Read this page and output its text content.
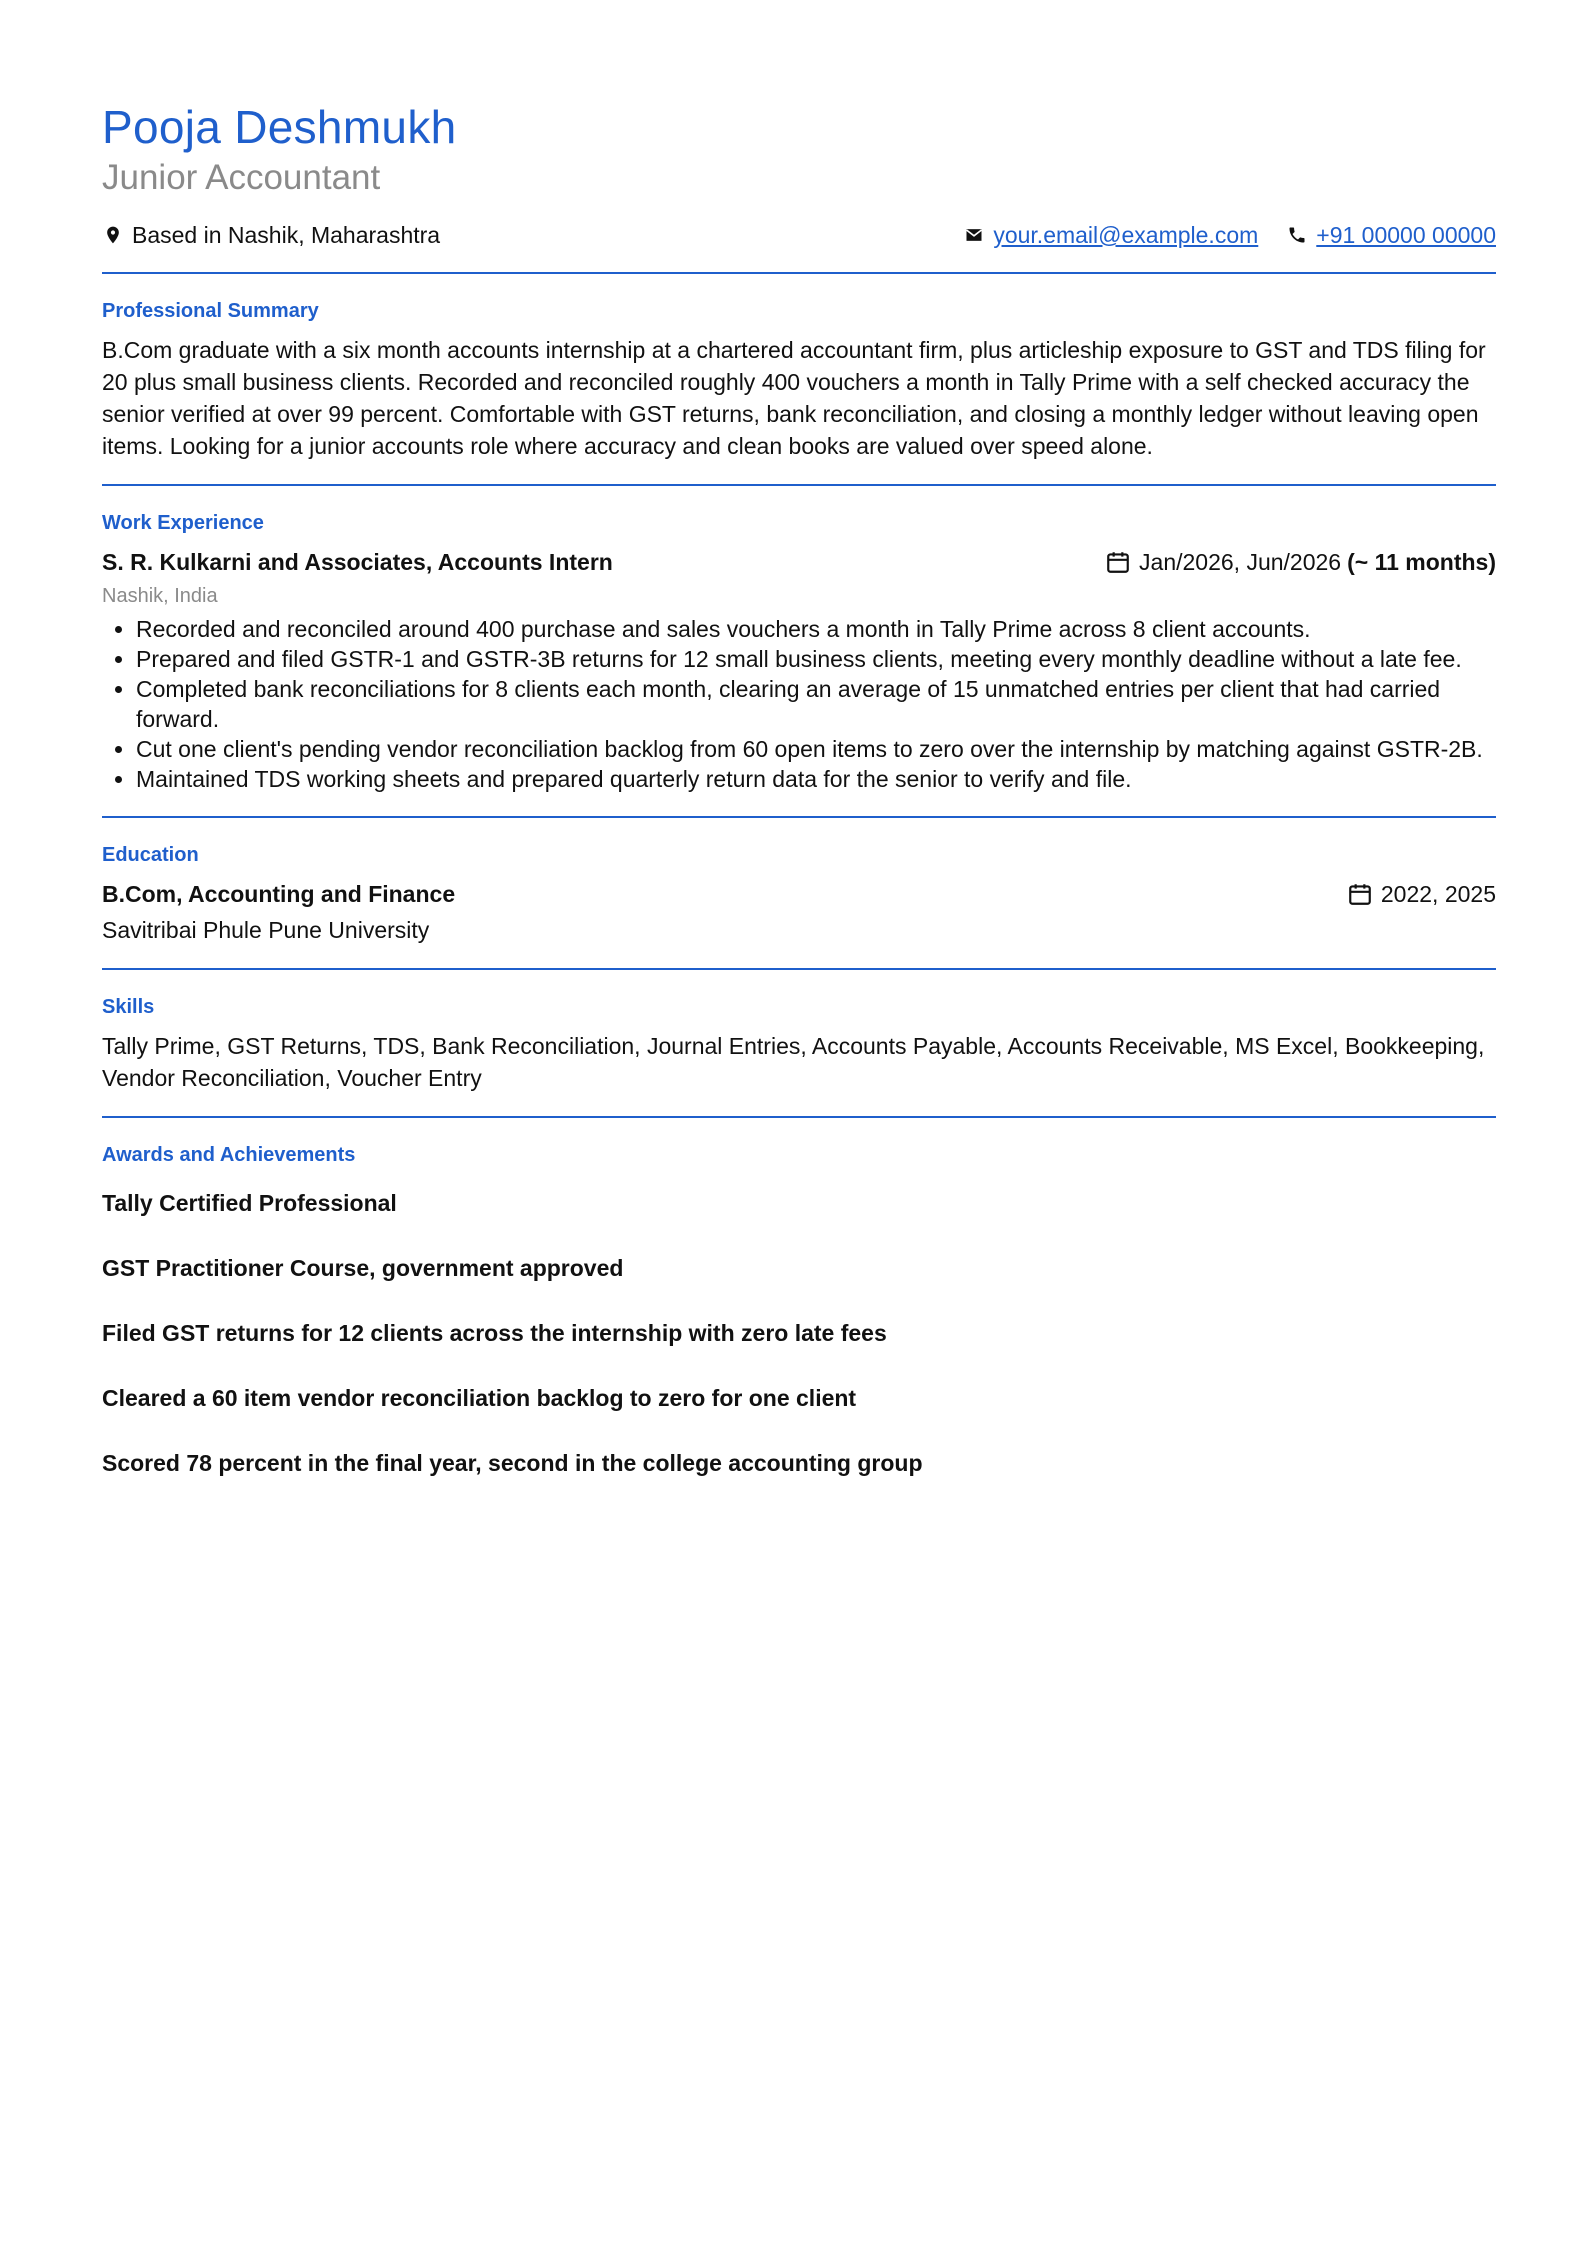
Pooja Deshmukh
Junior Accountant
Based in Nashik, Maharashtra	your.email@example.com	+91 00000 00000
Professional Summary

B.Com graduate with a six month accounts internship at a chartered accountant firm, plus articleship exposure to GST and TDS filing for 20 plus small business clients. Recorded and reconciled roughly 400 vouchers a month in Tally Prime with a self checked accuracy the senior verified at over 99 percent. Comfortable with GST returns, bank reconciliation, and closing a monthly ledger without leaving open items. Looking for a junior accounts role where accuracy and clean books are valued over speed alone.

Work Experience
S. R. Kulkarni and Associates, Accounts Intern	Jan/2026, Jun/2026 (~ 11 months)
Nashik, India
• Recorded and reconciled around 400 purchase and sales vouchers a month in Tally Prime across 8 client accounts.
• Prepared and filed GSTR-1 and GSTR-3B returns for 12 small business clients, meeting every monthly deadline without a late fee.
• Completed bank reconciliations for 8 clients each month, clearing an average of 15 unmatched entries per client that had carried forward.
• Cut one client's pending vendor reconciliation backlog from 60 open items to zero over the internship by matching against GSTR-2B.
• Maintained TDS working sheets and prepared quarterly return data for the senior to verify and file.
Education
B.Com, Accounting and Finance	2022, 2025
Savitribai Phule Pune University
Skills

Tally Prime, GST Returns, TDS, Bank Reconciliation, Journal Entries, Accounts Payable, Accounts Receivable, MS Excel, Bookkeeping, Vendor Reconciliation, Voucher Entry

Awards and Achievements
Tally Certified Professional
GST Practitioner Course, government approved
Filed GST returns for 12 clients across the internship with zero late fees
Cleared a 60 item vendor reconciliation backlog to zero for one client
Scored 78 percent in the final year, second in the college accounting group
